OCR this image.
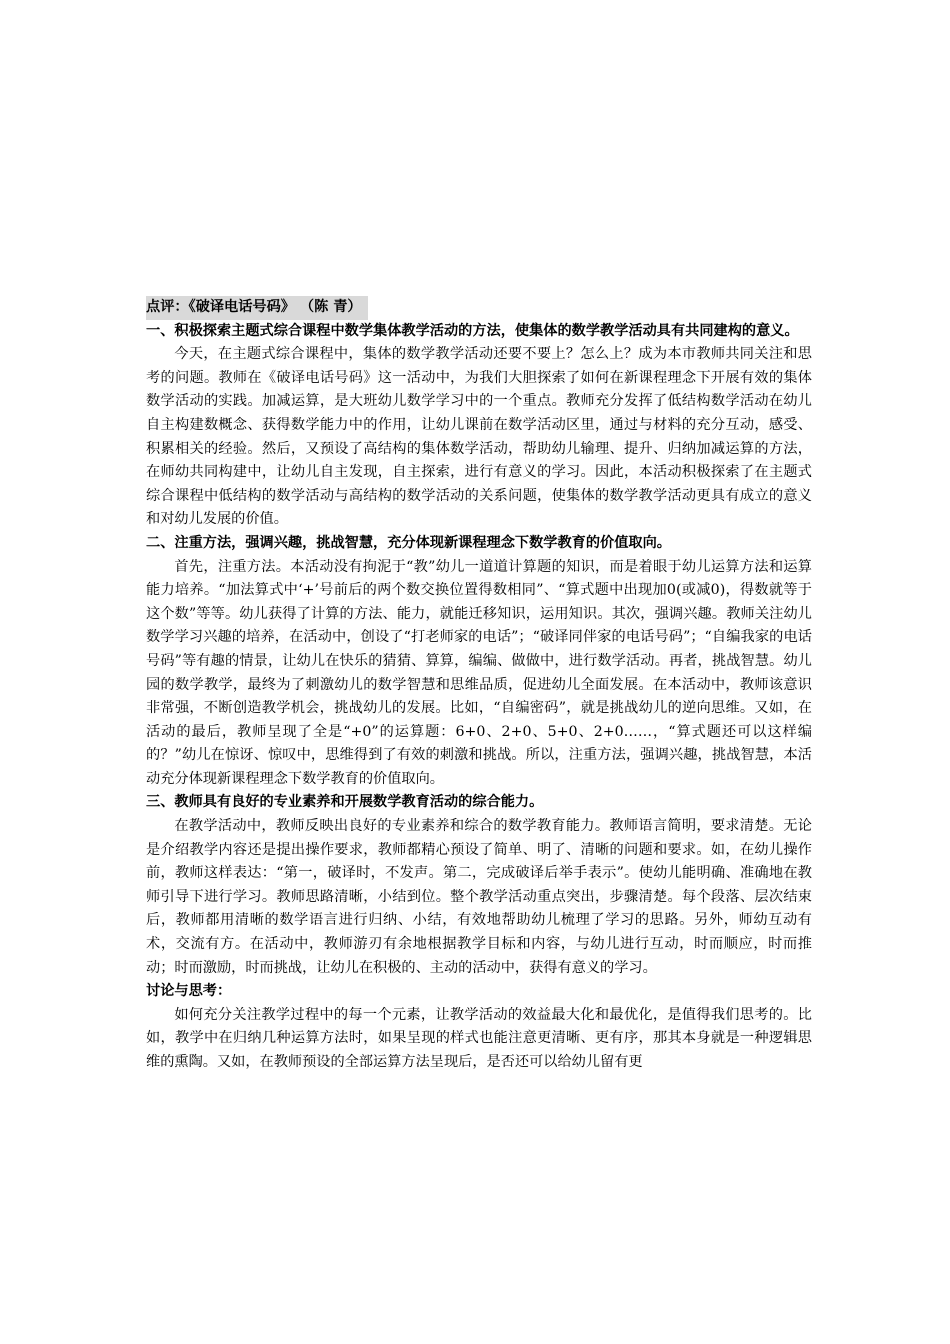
点评：《破译电话号码》 （陈 青）

一、积极探索主题式综合课程中数学集体教学活动的方法，使集体的数学教学活动具有共同建构的意义。

今天，在主题式综合课程中，集体的数学教学活动还要不要上？怎么上？成为本市教师共同关注和思考的问题。教师在《破译电话号码》这一活动中，为我们大胆探索了如何在新课程理念下开展有效的集体数学活动的实践。加减运算，是大班幼儿数学学习中的一个重点。教师充分发挥了低结构数学活动在幼儿自主构建数概念、获得数学能力中的作用，让幼儿课前在数学活动区里，通过与材料的充分互动，感受、积累相关的经验。然后，又预设了高结构的集体数学活动，帮助幼儿输理、提升、归纳加减运算的方法，在师幼共同构建中，让幼儿自主发现，自主探索，进行有意义的学习。因此，本活动积极探索了在主题式综合课程中低结构的数学活动与高结构的数学活动的关系问题，使集体的数学教学活动更具有成立的意义和对幼儿发展的价值。

二、注重方法，强调兴趣，挑战智慧，充分体现新课程理念下数学教育的价值取向。

首先，注重方法。本活动没有拘泥于“教”幼儿一道道计算题的知识，而是着眼于幼儿运算方法和运算能力培养。“加法算式中‘+’号前后的两个数交换位置得数相同”、“算式题中出现加0(或减0)，得数就等于这个数”等等。幼儿获得了计算的方法、能力，就能迁移知识，运用知识。其次，强调兴趣。教师关注幼儿数学学习兴趣的培养，在活动中，创设了“打老师家的电话”；“破译同伴家的电话号码”；“自编我家的电话号码”等有趣的情景，让幼儿在快乐的猜猜、算算，编编、做做中，进行数学活动。再者，挑战智慧。幼儿园的数学教学，最终为了刺激幼儿的数学智慧和思维品质，促进幼儿全面发展。在本活动中，教师该意识非常强，不断创造教学机会，挑战幼儿的发展。比如，“自编密码”，就是挑战幼儿的逆向思维。又如，在活动的最后，教师呈现了全是“+0”的运算题：6+0、2+0、5+0、2+0……，“算式题还可以这样编的？”幼儿在惊讶、惊叹中，思维得到了有效的刺激和挑战。所以，注重方法，强调兴趣，挑战智慧，本活动充分体现新课程理念下数学教育的价值取向。

三、教师具有良好的专业素养和开展数学教育活动的综合能力。

在教学活动中，教师反映出良好的专业素养和综合的数学教育能力。教师语言简明，要求清楚。无论是介绍教学内容还是提出操作要求，教师都精心预设了简单、明了、清晰的问题和要求。如，在幼儿操作前，教师这样表达：“第一，破译时，不发声。第二，完成破译后举手表示”。使幼儿能明确、准确地在教师引导下进行学习。教师思路清晰，小结到位。整个教学活动重点突出，步骤清楚。每个段落、层次结束后，教师都用清晰的数学语言进行归纳、小结，有效地帮助幼儿梳理了学习的思路。另外，师幼互动有术，交流有方。在活动中，教师游刃有余地根据教学目标和内容，与幼儿进行互动，时而顺应，时而推动；时而激励，时而挑战，让幼儿在积极的、主动的活动中，获得有意义的学习。

讨论与思考：

如何充分关注教学过程中的每一个元素，让教学活动的效益最大化和最优化，是值得我们思考的。比如，教学中在归纳几种运算方法时，如果呈现的样式也能注意更清晰、更有序，那其本身就是一种逻辑思维的熏陶。又如，在教师预设的全部运算方法呈现后，是否还可以给幼儿留有更
